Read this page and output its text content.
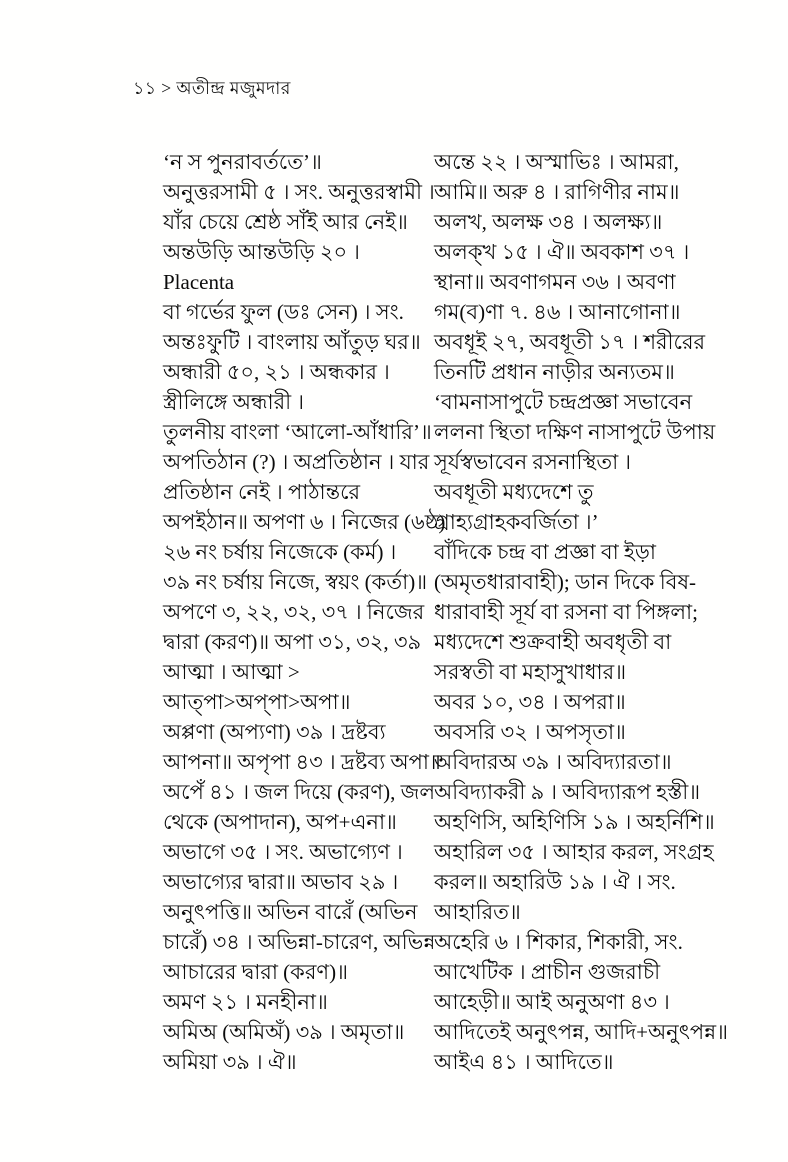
১১ > অতীন্দ্র মজুমদার
‘ন স পুনরাবর্ততে’॥
অনুত্তরসামী ৫ । সং. অনুত্তরস্বামী ।
যাঁর চেয়ে শ্রেষ্ঠ সাঁই আর নেই॥
অন্তউড়ি আন্তউড়ি ২০ ।
Placenta
বা গর্ভের ফুল (ডঃ সেন) । সং.
অন্তঃফুটি । বাংলায় আঁতুড় ঘর॥
অন্ধারী ৫০, ২১ । অন্ধকার ।
স্ত্রীলিঙ্গে অন্ধারী ।
তুলনীয় বাংলা ‘আলো-আঁধারি’॥
অপতিঠান (?) । অপ্রতিষ্ঠান । যার
প্রতিষ্ঠান নেই । পাঠান্তরে
অপইঠান॥ অপণা ৬ । নিজের (৬ষ্ঠ)
২৬ নং চর্ষায় নিজেকে (কর্ম) ।
৩৯ নং চর্ষায় নিজে, স্বয়ং (কর্তা)॥
অপণে ৩, ২২, ৩২, ৩৭ । নিজের
দ্বারা (করণ)॥ অপা ৩১, ৩২, ৩৯
আত্মা । আত্মা >
আত্‌পা>অপ্‌পা>অপা॥
অপ্পণা (অপ্যণা) ৩৯ । দ্রষ্টব্য
আপনা॥ অপৃপা ৪৩ । দ্রষ্টব্য অপা॥
অপেঁ ৪১ । জল দিয়ে (করণ), জল
থেকে (অপাদান), অপ+এনা॥
অভাগে ৩৫ । সং. অভাগ্যেণ ।
অভাগ্যের দ্বারা॥ অভাব ২৯ ।
অনুৎপত্তি॥ অভিন বারেঁ (অভিন
চারেঁ) ৩৪ । অভিন্না-চারেণ, অভিন্ন
আচারের দ্বারা (করণ)॥
অমণ ২১ । মনহীনা॥
অমিঅ (অমিঅঁ) ৩৯ । অমৃতা॥
অমিয়া ৩৯ । ঐ॥
অন্তে ২২ । অস্মাভিঃ । আমরা,
আমি॥ অরু ৪ । রাগিণীর নাম॥
অলখ, অলক্ষ ৩৪ । অলক্ষ্য॥
অলক্খ ১৫ । ঐ॥ অবকাশ ৩৭ ।
স্থানা॥ অবণাগমন ৩৬ । অবণা
গম(ব)ণা ৭. ৪৬ । আনাগোনা॥
অবধূই ২৭, অবধূতী ১৭ । শরীরের
তিনটি প্রধান নাড়ীর অন্যতম॥
‘বামনাসাপুটে চন্দ্রপ্রজ্ঞা সভাবেন
ললনা স্থিতা দক্ষিণ নাসাপুটে উপায়
সূর্যস্বভাবেন রসনাস্থিতা ।
অবধূতী মধ্যদেশে তু
গ্রাহ্যগ্রাহকবর্জিতা ।’
বাঁদিকে চন্দ্র বা প্রজ্ঞা বা ইড়া
(অমৃতধারাবাহী); ডান দিকে বিষ-
ধারাবাহী সূর্য বা রসনা বা পিঙ্গলা;
মধ্যদেশে শুক্রবাহী অবধৃতী বা
সরস্বতী বা মহাসুখাধার॥
অবর ১০, ৩৪ । অপরা॥
অবসরি ৩২ । অপসৃতা॥
অবিদারঅ ৩৯ । অবিদ্যারতা॥
অবিদ্যাকরী ৯ । অবিদ্যারূপ হস্তী॥
অহণিসি, অহিণিসি ১৯ । অহর্নিশি॥
অহারিল ৩৫ । আহার করল, সংগ্রহ
করল॥ অহারিউ ১৯ । ঐ । সং.
আহারিত॥
অহেরি ৬ । শিকার, শিকারী, সং.
আখেটিক । প্রাচীন গুজরাচী
আহেড়ী॥ আই অনুঅণা ৪৩ ।
আদিতেই অনুৎপন্ন, আদি+অনুৎপন্ন॥
আইএ ৪১ । আদিতে॥
